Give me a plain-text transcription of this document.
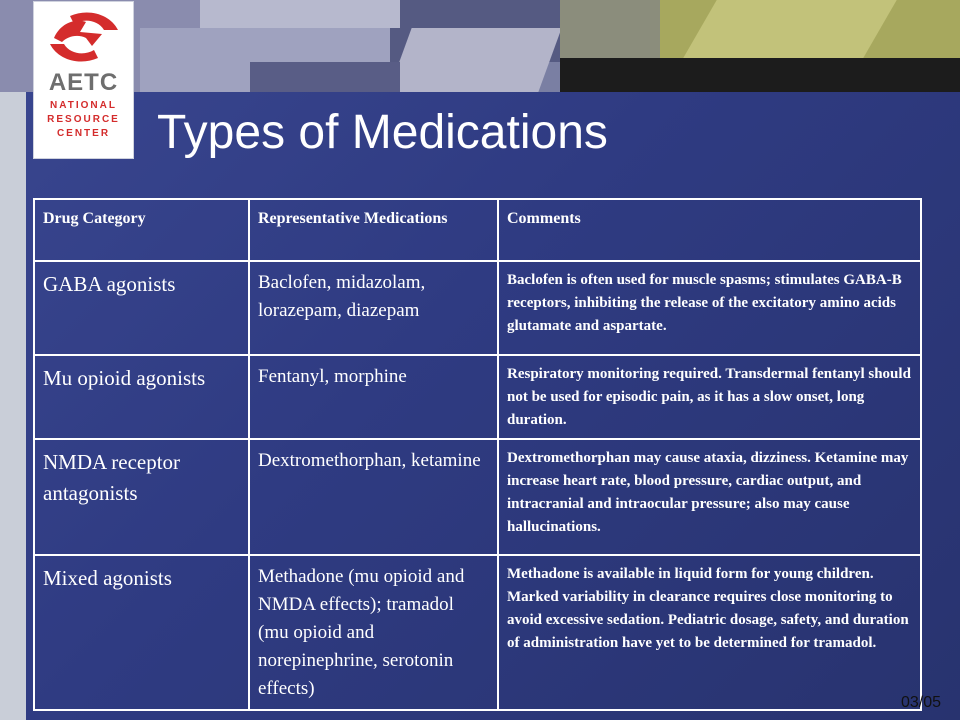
AETC
NATIONAL
RESOURCE
CENTER Types of Medications
Drug Category	Representative Medications	Comments
GABA agonists	Baclofen, midazolam, lorazepam, diazepam	Baclofen is often used for muscle spasms; stimulates GABA-B receptors, inhibiting the release of the excitatory amino acids glutamate and aspartate.
Mu opioid agonists	Fentanyl, morphine	Respiratory monitoring required. Transdermal fentanyl should not be used for episodic pain, as it has a slow onset, long duration.
NMDA receptor antagonists	Dextromethorphan, ketamine	Dextromethorphan may cause ataxia, dizziness. Ketamine may increase heart rate, blood pressure, cardiac output, and intracranial and intraocular pressure; also may cause hallucinations.
Mixed agonists	Methadone (mu opioid and NMDA effects); tramadol (mu opioid and norepinephrine, serotonin effects)	Methadone is available in liquid form for young children. Marked variability in clearance requires close monitoring to avoid excessive sedation. Pediatric dosage, safety, and duration of administration have yet to be determined for tramadol.
03/05
